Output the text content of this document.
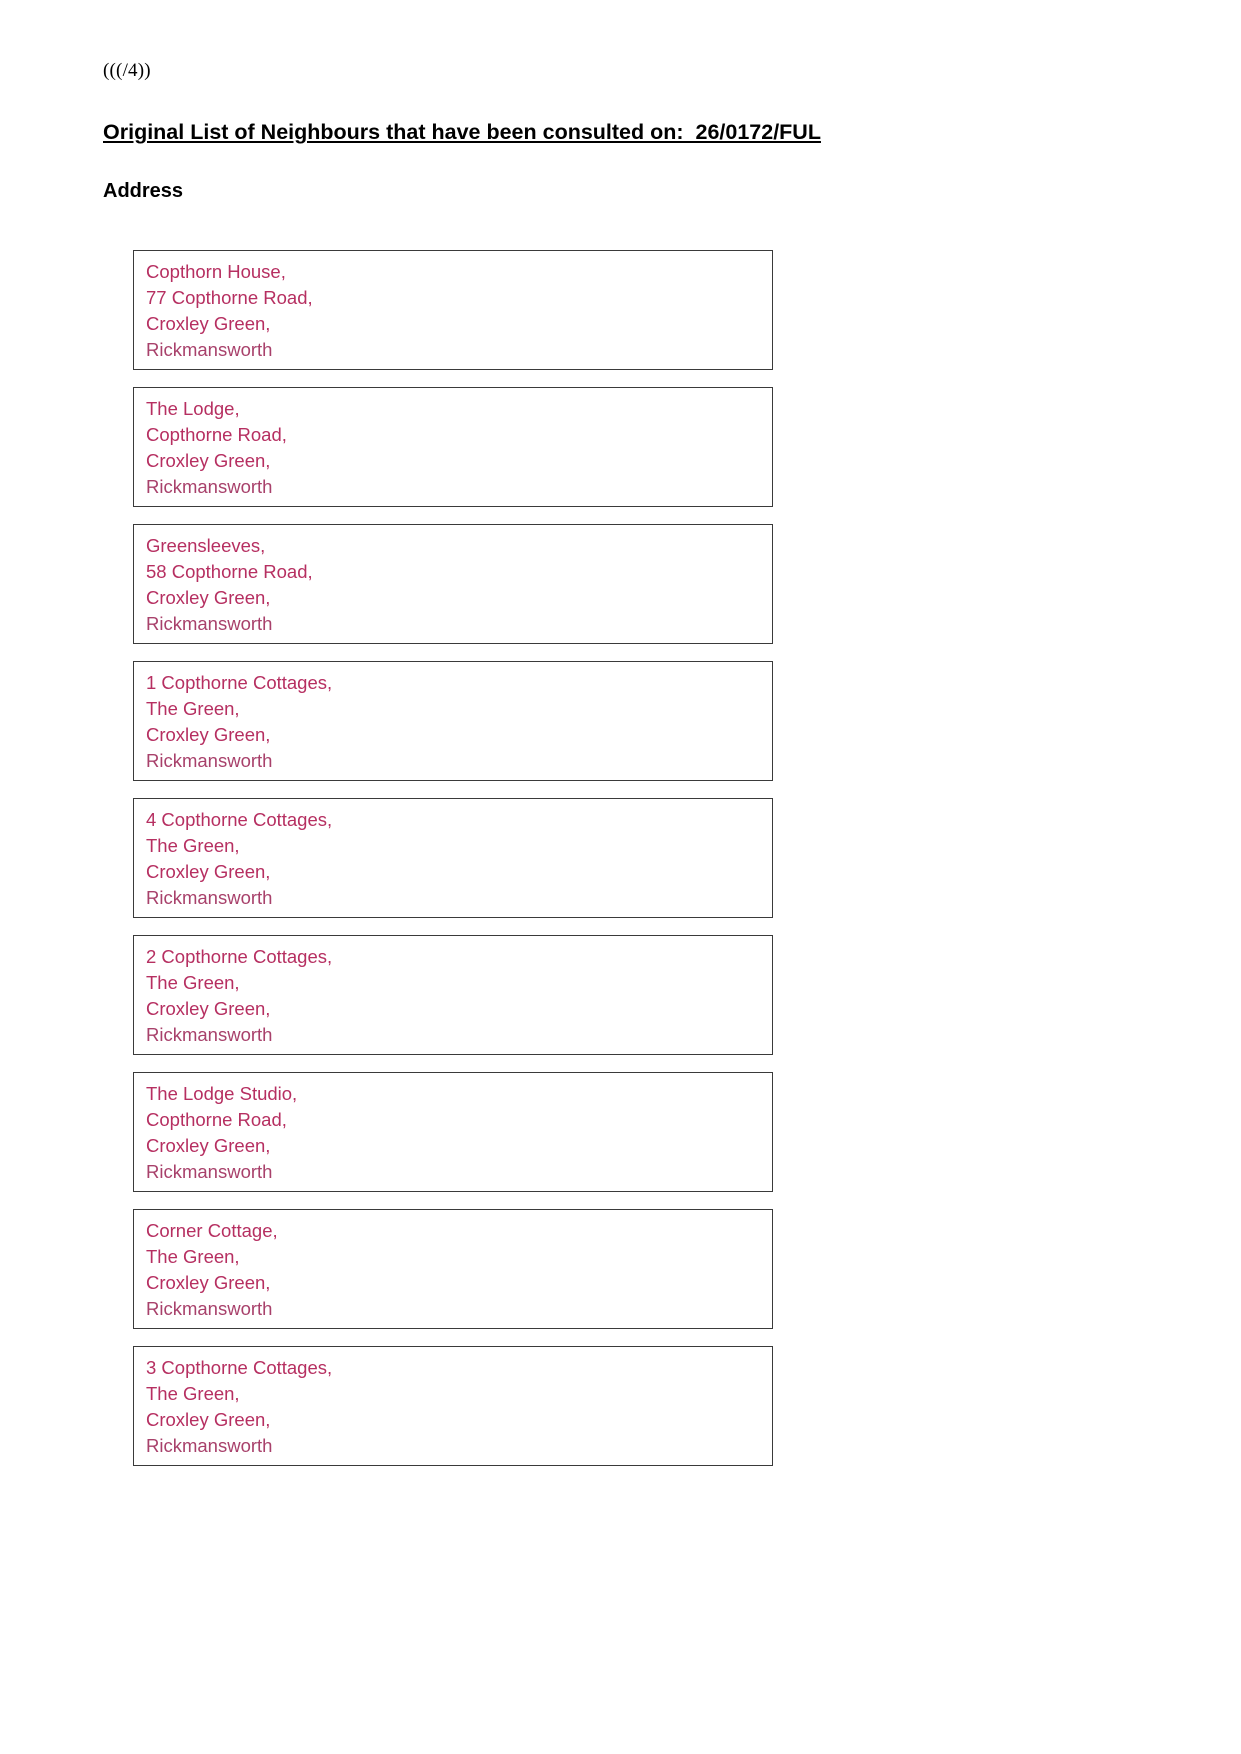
(((/4))
Original List of Neighbours that have been consulted on:  26/0172/FUL
Address
Copthorn House,
77 Copthorne Road,
Croxley Green,
Rickmansworth
The Lodge,
Copthorne Road,
Croxley Green,
Rickmansworth
Greensleeves,
58 Copthorne Road,
Croxley Green,
Rickmansworth
1 Copthorne Cottages,
The Green,
Croxley Green,
Rickmansworth
4 Copthorne Cottages,
The Green,
Croxley Green,
Rickmansworth
2 Copthorne Cottages,
The Green,
Croxley Green,
Rickmansworth
The Lodge Studio,
Copthorne Road,
Croxley Green,
Rickmansworth
Corner Cottage,
The Green,
Croxley Green,
Rickmansworth
3 Copthorne Cottages,
The Green,
Croxley Green,
Rickmansworth
